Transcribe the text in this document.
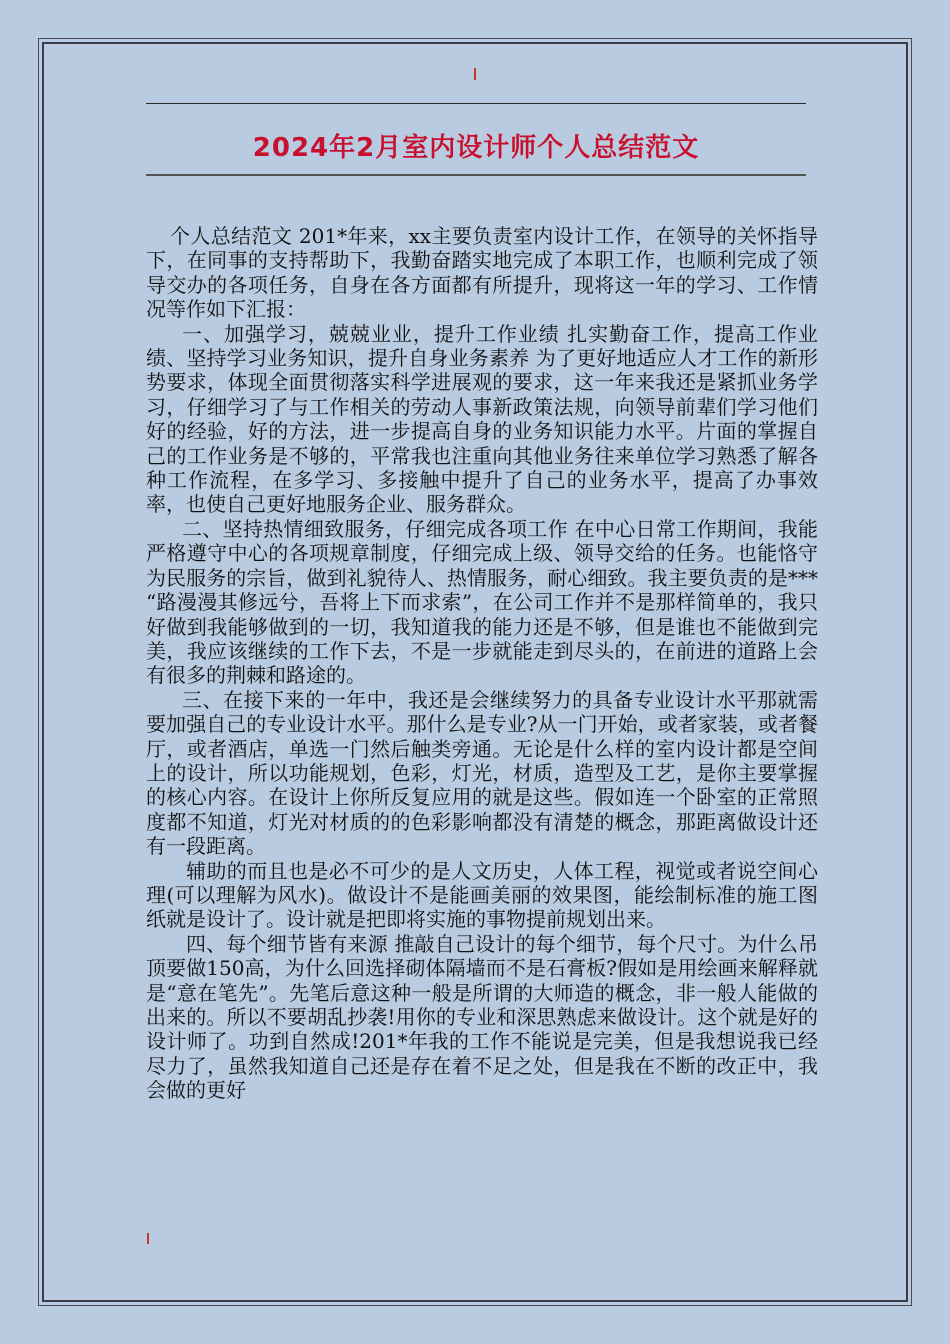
2024年2月室内设计师个人总结范文

个人总结范文 201*年来，xx主要负责室内设计工作，在领导的关怀指导下，在同事的支持帮助下，我勤奋踏实地完成了本职工作，也顺利完成了领导交办的各项任务，自身在各方面都有所提升，现将这一年的学习、工作情况等作如下汇报：

一、加强学习，兢兢业业，提升工作业绩 扎实勤奋工作，提高工作业绩、坚持学习业务知识，提升自身业务素养 为了更好地适应人才工作的新形势要求，体现全面贯彻落实科学进展观的要求，这一年来我还是紧抓业务学习，仔细学习了与工作相关的劳动人事新政策法规，向领导前辈们学习他们好的经验，好的方法，进一步提高自身的业务知识能力水平。片面的掌握自己的工作业务是不够的，平常我也注重向其他业务往来单位学习熟悉了解各种工作流程，在多学习、多接触中提升了自己的业务水平，提高了办事效率，也使自己更好地服务企业、服务群众。

二、坚持热情细致服务，仔细完成各项工作 在中心日常工作期间，我能严格遵守中心的各项规章制度，仔细完成上级、领导交给的任务。也能恪守为民服务的宗旨，做到礼貌待人、热情服务，耐心细致。我主要负责的是*** “路漫漫其修远兮，吾将上下而求索”，在公司工作并不是那样简单的，我只好做到我能够做到的一切，我知道我的能力还是不够，但是谁也不能做到完美，我应该继续的工作下去，不是一步就能走到尽头的，在前进的道路上会有很多的荆棘和路途的。

三、在接下来的一年中，我还是会继续努力的具备专业设计水平那就需要加强自己的专业设计水平。那什么是专业?从一门开始，或者家装，或者餐厅，或者酒店，单选一门然后触类旁通。无论是什么样的室内设计都是空间上的设计，所以功能规划，色彩，灯光，材质，造型及工艺，是你主要掌握的核心内容。在设计上你所反复应用的就是这些。假如连一个卧室的正常照度都不知道，灯光对材质的的色彩影响都没有清楚的概念，那距离做设计还有一段距离。

辅助的而且也是必不可少的是人文历史，人体工程，视觉或者说空间心理(可以理解为风水)。做设计不是能画美丽的效果图，能绘制标准的施工图纸就是设计了。设计就是把即将实施的事物提前规划出来。

四、每个细节皆有来源 推敲自己设计的每个细节，每个尺寸。为什么吊顶要做150高，为什么回选择砌体隔墙而不是石膏板?假如是用绘画来解释就是“意在笔先”。先笔后意这种一般是所谓的大师造的概念，非一般人能做的出来的。所以不要胡乱抄袭!用你的专业和深思熟虑来做设计。这个就是好的设计师了。功到自然成!201*年我的工作不能说是完美，但是我想说我已经尽力了，虽然我知道自己还是存在着不足之处，但是我在不断的改正中，我会做的更好
